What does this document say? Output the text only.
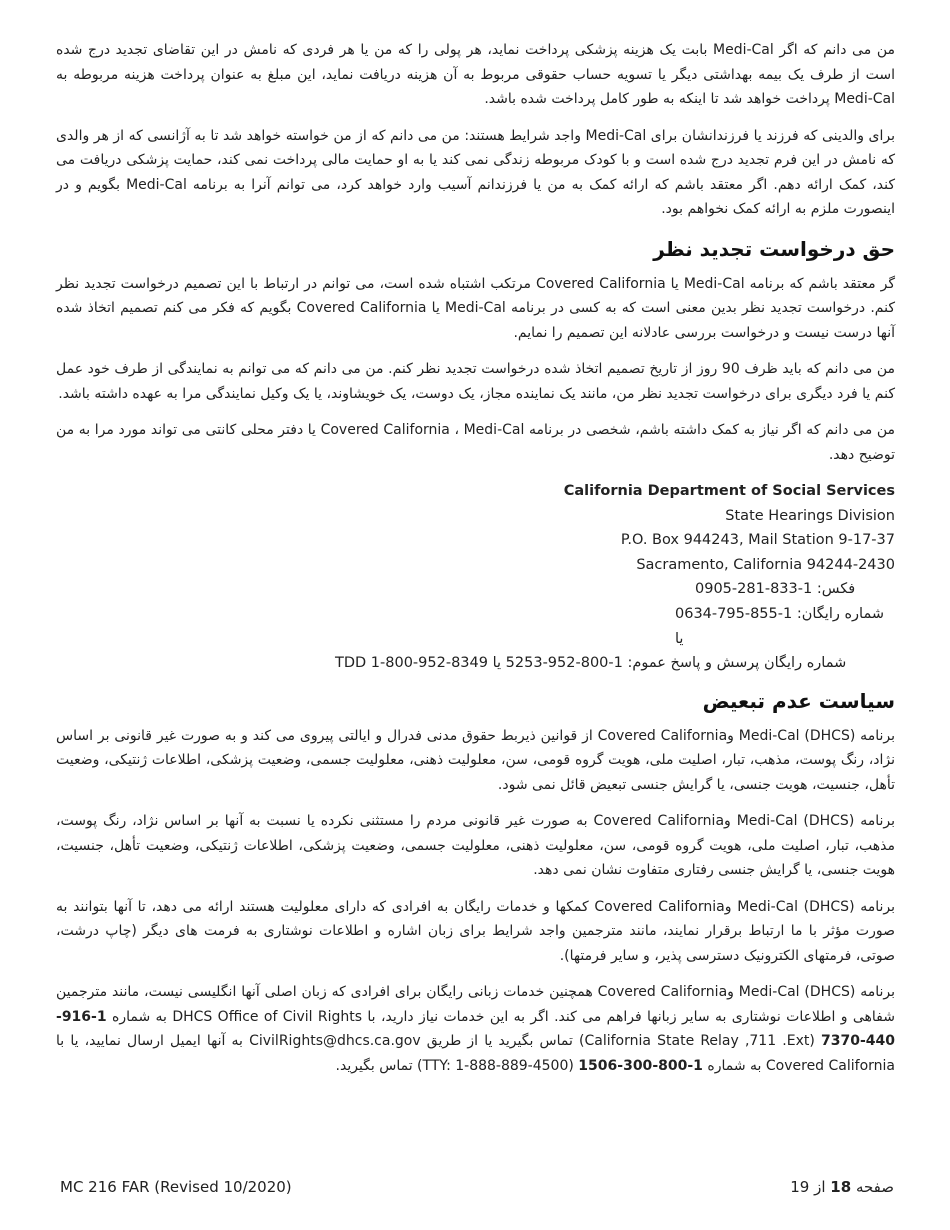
من می دانم که اگر Medi-Cal بابت یک هزینه پزشکی پرداخت نماید، هر پولی را که من یا هر فردی که نامش در این تقاضای تجدید درج شده است از طرف یک بیمه بهداشتی دیگر یا تسویه حساب حقوقی مربوط به آن هزینه دریافت نماید، این مبلغ به عنوان پرداخت هزینه مربوطه به Medi-Cal پرداخت خواهد شد تا اینکه به طور کامل پرداخت شده باشد.

برای والدینی که فرزند یا فرزندانشان برای Medi-Cal واجد شرایط هستند: من می دانم که از من خواسته خواهد شد تا به آژانسی که از هر والدی که نامش در این فرم تجدید درج شده است و با کودک مربوطه زندگی نمی کند یا به او حمایت مالی پرداخت نمی کند، حمایت پزشکی دریافت می کند، کمک ارائه دهم. اگر معتقد باشم که ارائه کمک به من یا فرزندانم آسیب وارد خواهد کرد، می توانم آنرا به برنامه Medi-Cal بگویم و در اینصورت ملزم به ارائه کمک نخواهم بود.

حق درخواست تجدید نظر

گر معتقد باشم که برنامه Medi-Cal یا Covered California مرتکب اشتباه شده است، می توانم در ارتباط با این تصمیم درخواست تجدید نظر کنم. درخواست تجدید نظر بدین معنی است که به کسی در برنامه Medi-Cal یا Covered California بگویم که فکر می کنم تصمیم اتخاذ شده آنها درست نیست و درخواست بررسی عادلانه این تصمیم را نمایم.

من می دانم که باید ظرف 90 روز از تاریخ تصمیم اتخاذ شده درخواست تجدید نظر کنم. من می دانم که می توانم به نمایندگی از طرف خود عمل کنم یا فرد دیگری برای درخواست تجدید نظر من، مانند یک نماینده مجاز، یک دوست، یک خویشاوند، یا یک وکیل نمایندگی مرا به عهده داشته باشد.

من می دانم که اگر نیاز به کمک داشته باشم، شخصی در برنامه Covered California ، Medi-Cal یا دفتر محلی کانتی می تواند مورد مرا به من توضیح دهد.

California Department of Social Services
State Hearings Division
P.O. Box 944243, Mail Station 9-17-37
Sacramento, California 94244-2430
فکس: 1-833-281-0905
شماره رایگان: 1-855-795-0634 یا
شماره رایگان پرسش و پاسخ عموم: 1-800-952-5253 یا TDD 1-800-952-8349
سیاست عدم تبعیض

برنامه (DHCS) Medi-Cal وCovered California از قوانین ذیربط حقوق مدنی فدرال و ایالتی پیروی می کند و به صورت غیر قانونی بر اساس نژاد، رنگ پوست، مذهب، تبار، اصلیت ملی، هویت گروه قومی، سن، معلولیت ذهنی، معلولیت جسمی، وضعیت پزشکی، اطلاعات ژنتیکی، وضعیت تأهل، جنسیت، هویت جنسی، یا گرایش جنسی تبعیض قائل نمی شود.

برنامه (DHCS) Medi-Cal وCovered California به صورت غیر قانونی مردم را مستثنی نکرده یا نسبت به آنها بر اساس نژاد، رنگ پوست، مذهب، تبار، اصلیت ملی، هویت گروه قومی، سن، معلولیت ذهنی، معلولیت جسمی، وضعیت پزشکی، اطلاعات ژنتیکی، وضعیت تأهل، جنسیت، هویت جنسی، یا گرایش جنسی رفتاری متفاوت نشان نمی دهد.

برنامه (DHCS) Medi-Cal وCovered California کمکها و خدمات رایگان به افرادی که دارای معلولیت هستند ارائه می دهد، تا آنها بتوانند به صورت مؤثر با ما ارتباط برقرار نمایند، مانند مترجمین واجد شرایط برای زبان اشاره و اطلاعات نوشتاری به فرمت های دیگر (چاپ درشت، صوتی، فرمتهای الکترونیک دسترسی پذیر، و سایر فرمتها).

برنامه (DHCS) Medi-Cal وCovered California همچنین خدمات زبانی رایگان برای افرادی که زبان اصلی آنها انگلیسی نیست، مانند مترجمین شفاهی و اطلاعات نوشتاری به سایر زبانها فراهم می کند. اگر به این خدمات نیاز دارید، با DHCS Office of Civil Rights به شماره 1-916-440-7370 (California State Relay ,711 .Ext) تماس بگیرید یا از طریق CivilRights@dhcs.ca.gov به آنها ایمیل ارسال نمایید، یا با Covered California به شماره 1-800-300-1506 (TTY: 1-888-889-4500) تماس بگیرید.

MC 216 FAR (Revised 10/2020)	صفحه 18 از 19
